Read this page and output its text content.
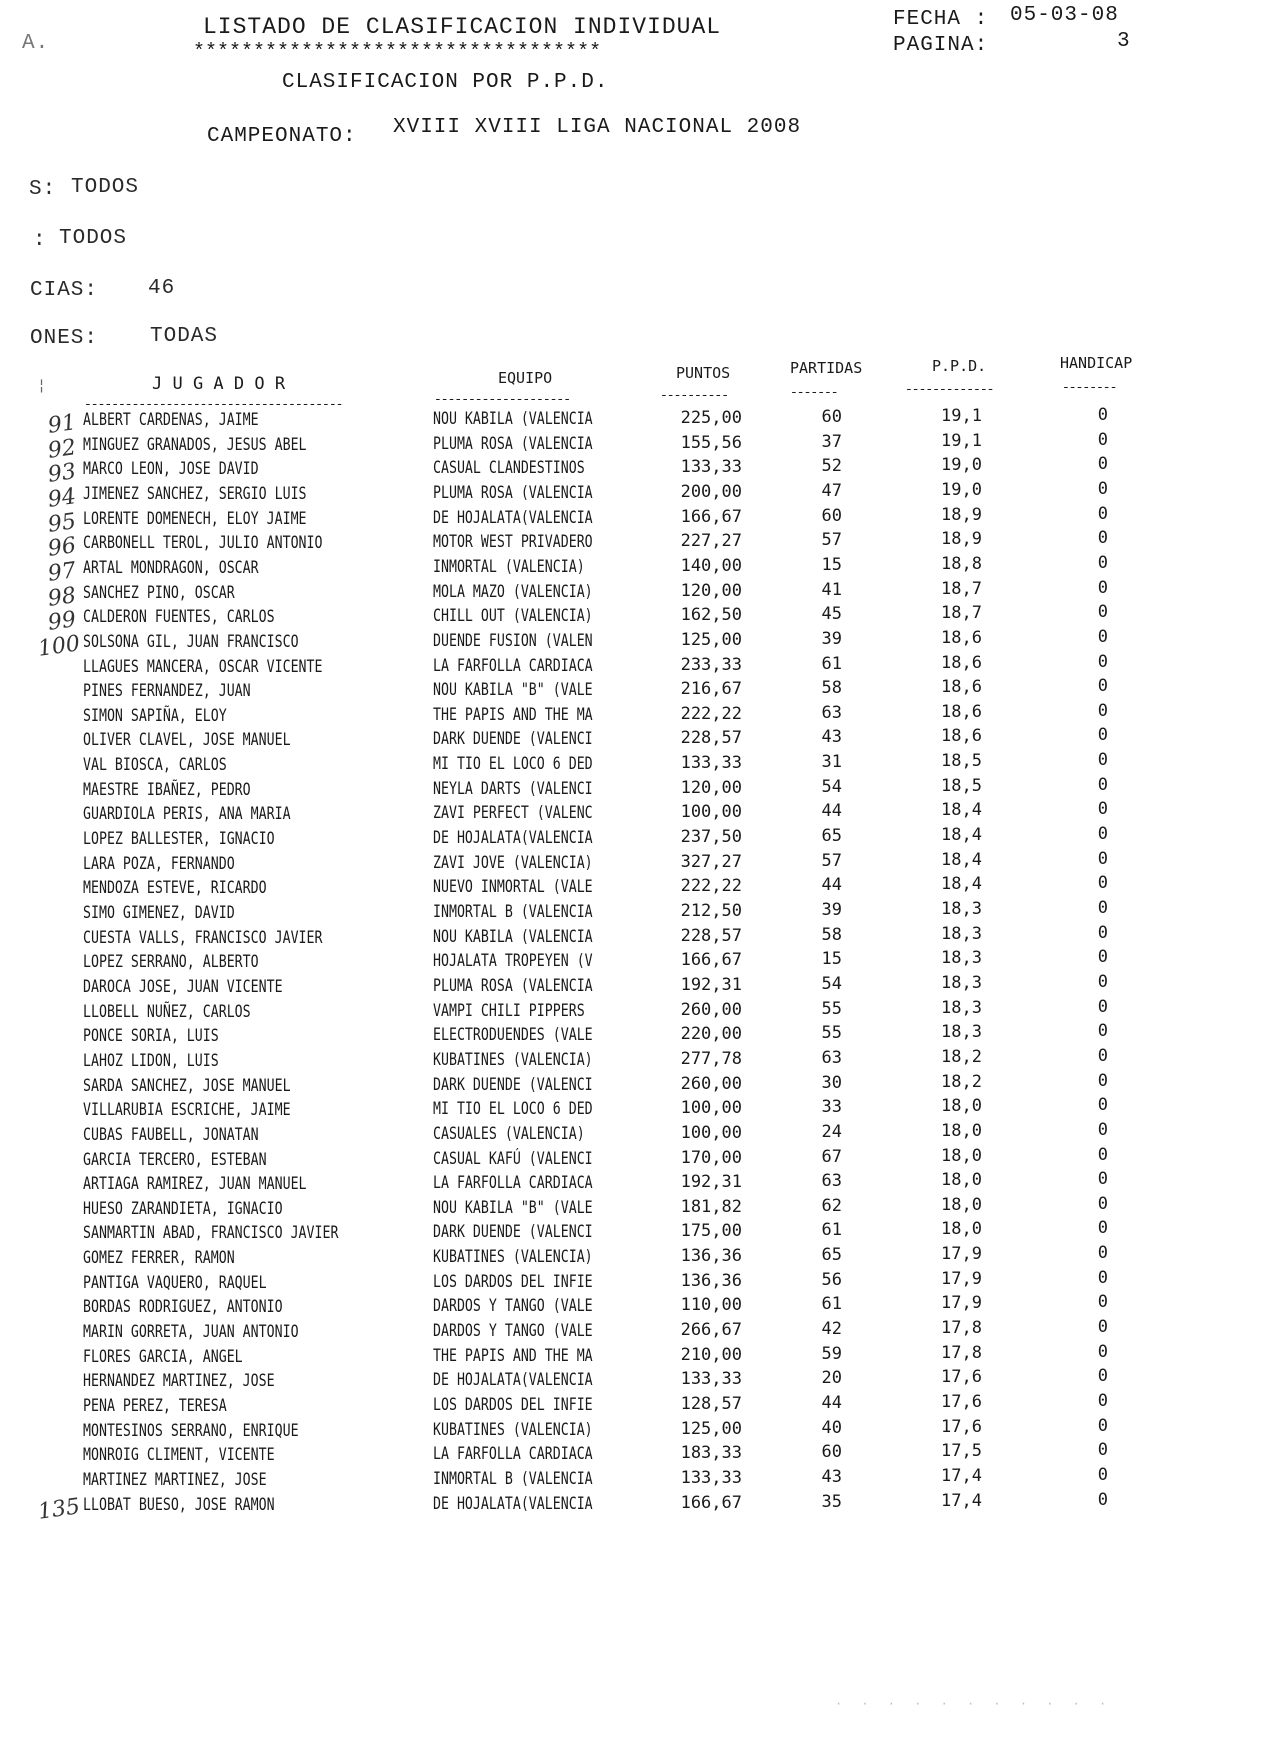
A.
LISTADO DE CLASIFICACION INDIVIDUAL
**********************************
CLASIFICACION POR P.P.D.
FECHA : 05-03-08
PAGINA:	3
CAMPEONATO: XVIII XVIII LIGA NACIONAL 2008
S: TODOS
: TODOS
CIAS: 46
ONES: TODAS
¦	J U G A D O R	EQUIPO	PUNTOS	PARTIDAS	P.P.D.	HANDICAP
--------------------------------------	--------------------	----------	-------	-------------	--------
ALBERT CARDENAS, JAIME	NOU KABILA (VALENCIA	225,00	60	19,1	0
MINGUEZ GRANADOS, JESUS ABEL	PLUMA ROSA (VALENCIA	155,56	37	19,1	0
MARCO LEON, JOSE DAVID	CASUAL CLANDESTINOS	133,33	52	19,0	0
JIMENEZ SANCHEZ, SERGIO LUIS	PLUMA ROSA (VALENCIA	200,00	47	19,0	0
LORENTE DOMENECH, ELOY JAIME	DE HOJALATA(VALENCIA	166,67	60	18,9	0
CARBONELL TEROL, JULIO ANTONIO	MOTOR WEST PRIVADERO	227,27	57	18,9	0
ARTAL MONDRAGON, OSCAR	INMORTAL (VALENCIA)	140,00	15	18,8	0
SANCHEZ PINO, OSCAR	MOLA MAZO (VALENCIA)	120,00	41	18,7	0
CALDERON FUENTES, CARLOS	CHILL OUT (VALENCIA)	162,50	45	18,7	0
SOLSONA GIL, JUAN FRANCISCO	DUENDE FUSION (VALEN	125,00	39	18,6	0
LLAGUES MANCERA, OSCAR VICENTE	LA FARFOLLA CARDIACA	233,33	61	18,6	0
PINES FERNANDEZ, JUAN	NOU KABILA "B" (VALE	216,67	58	18,6	0
SIMON SAPIÑA, ELOY	THE PAPIS AND THE MA	222,22	63	18,6	0
OLIVER CLAVEL, JOSE MANUEL	DARK DUENDE (VALENCI	228,57	43	18,6	0
VAL BIOSCA, CARLOS	MI TIO EL LOCO 6 DED	133,33	31	18,5	0
MAESTRE IBAÑEZ, PEDRO	NEYLA DARTS (VALENCI	120,00	54	18,5	0
GUARDIOLA PERIS, ANA MARIA	ZAVI PERFECT (VALENC	100,00	44	18,4	0
LOPEZ BALLESTER, IGNACIO	DE HOJALATA(VALENCIA	237,50	65	18,4	0
LARA POZA, FERNANDO	ZAVI JOVE (VALENCIA)	327,27	57	18,4	0
MENDOZA ESTEVE, RICARDO	NUEVO INMORTAL (VALE	222,22	44	18,4	0
SIMO GIMENEZ, DAVID	INMORTAL B (VALENCIA	212,50	39	18,3	0
CUESTA VALLS, FRANCISCO JAVIER	NOU KABILA (VALENCIA	228,57	58	18,3	0
LOPEZ SERRANO, ALBERTO	HOJALATA TROPEYEN (V	166,67	15	18,3	0
DAROCA JOSE, JUAN VICENTE	PLUMA ROSA (VALENCIA	192,31	54	18,3	0
LLOBELL NUÑEZ, CARLOS	VAMPI CHILI PIPPERS	260,00	55	18,3	0
PONCE SORIA, LUIS	ELECTRODUENDES (VALE	220,00	55	18,3	0
LAHOZ LIDON, LUIS	KUBATINES (VALENCIA)	277,78	63	18,2	0
SARDA SANCHEZ, JOSE MANUEL	DARK DUENDE (VALENCI	260,00	30	18,2	0
VILLARUBIA ESCRICHE, JAIME	MI TIO EL LOCO 6 DED	100,00	33	18,0	0
CUBAS FAUBELL, JONATAN	CASUALES (VALENCIA)	100,00	24	18,0	0
GARCIA TERCERO, ESTEBAN	CASUAL KAFÚ (VALENCI	170,00	67	18,0	0
ARTIAGA RAMIREZ, JUAN MANUEL	LA FARFOLLA CARDIACA	192,31	63	18,0	0
HUESO ZARANDIETA, IGNACIO	NOU KABILA "B" (VALE	181,82	62	18,0	0
SANMARTIN ABAD, FRANCISCO JAVIER	DARK DUENDE (VALENCI	175,00	61	18,0	0
GOMEZ FERRER, RAMON	KUBATINES (VALENCIA)	136,36	65	17,9	0
PANTIGA VAQUERO, RAQUEL	LOS DARDOS DEL INFIE	136,36	56	17,9	0
BORDAS RODRIGUEZ, ANTONIO	DARDOS Y TANGO (VALE	110,00	61	17,9	0
MARIN GORRETA, JUAN ANTONIO	DARDOS Y TANGO (VALE	266,67	42	17,8	0
FLORES GARCIA, ANGEL	THE PAPIS AND THE MA	210,00	59	17,8	0
HERNANDEZ MARTINEZ, JOSE	DE HOJALATA(VALENCIA	133,33	20	17,6	0
PENA PEREZ, TERESA	LOS DARDOS DEL INFIE	128,57	44	17,6	0
MONTESINOS SERRANO, ENRIQUE	KUBATINES (VALENCIA)	125,00	40	17,6	0
MONROIG CLIMENT, VICENTE	LA FARFOLLA CARDIACA	183,33	60	17,5	0
MARTINEZ MARTINEZ, JOSE	INMORTAL B (VALENCIA	133,33	43	17,4	0
LLOBAT BUESO, JOSE RAMON	DE HOJALATA(VALENCIA	166,67	35	17,4	0
91
92
93
94
95
96
97
98
99
100
135
· · · · · · · · · · ·
